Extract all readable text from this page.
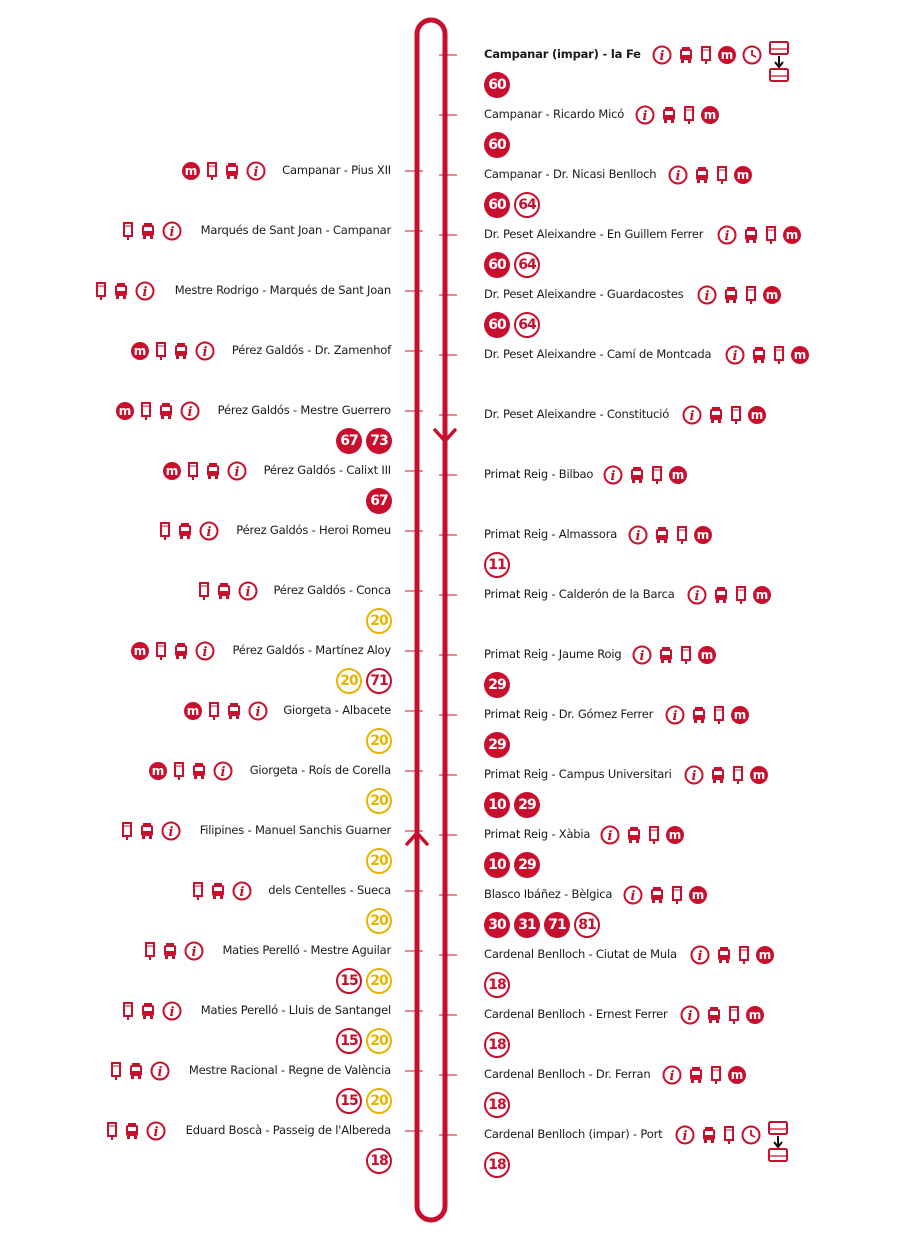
Campanar - Pius XII
m	i
Marqués de Sant Joan - Campanar
i
Mestre Rodrigo - Marqués de Sant Joan
i
Pérez Galdós - Dr. Zamenhof
m	i
Pérez Galdós - Mestre Guerrero
m	i
67 73
Pérez Galdós - Calixt III
m	i
67
Pérez Galdós - Heroi Romeu
i
Pérez Galdós - Conca
i
20
Pérez Galdós - Martínez Aloy
m	i
20 71
Giorgeta - Albacete
m	i
20
Giorgeta - Roís de Corella
m	i
20
Filipines - Manuel Sanchis Guarner
i
20
dels Centelles - Sueca
i
20
Maties Perelló - Mestre Aguilar
i
15 20
Maties Perelló - Lluis de Santangel
i
15 20
Mestre Racional - Regne de València
i
15 20
Eduard Boscà - Passeig de l'Albereda
i
18
Campanar (impar) - la Fe i	m
60
Campanar - Ricardo Micó i	m
60
Campanar - Dr. Nicasi Benlloch i	m
60 64
Dr. Peset Aleixandre - En Guillem Ferrer i	m
60 64
Dr. Peset Aleixandre - Guardacostes i	m
60 64
Dr. Peset Aleixandre - Camí de Montcada i	m
Dr. Peset Aleixandre - Constitució i	m
Primat Reig - Bilbao i	m
Primat Reig - Almassora i	m
11
Primat Reig - Calderón de la Barca i	m
Primat Reig - Jaume Roig i	m
29
Primat Reig - Dr. Gómez Ferrer i	m
29
Primat Reig - Campus Universitari i	m
10 29
Primat Reig - Xàbia i	m
10 29
Blasco Ibáñez - Bèlgica i	m
30 31 71 81
Cardenal Benlloch - Ciutat de Mula i	m
18
Cardenal Benlloch - Ernest Ferrer i	m
18
Cardenal Benlloch - Dr. Ferran i	m
18
Cardenal Benlloch (impar) - Port i
18
